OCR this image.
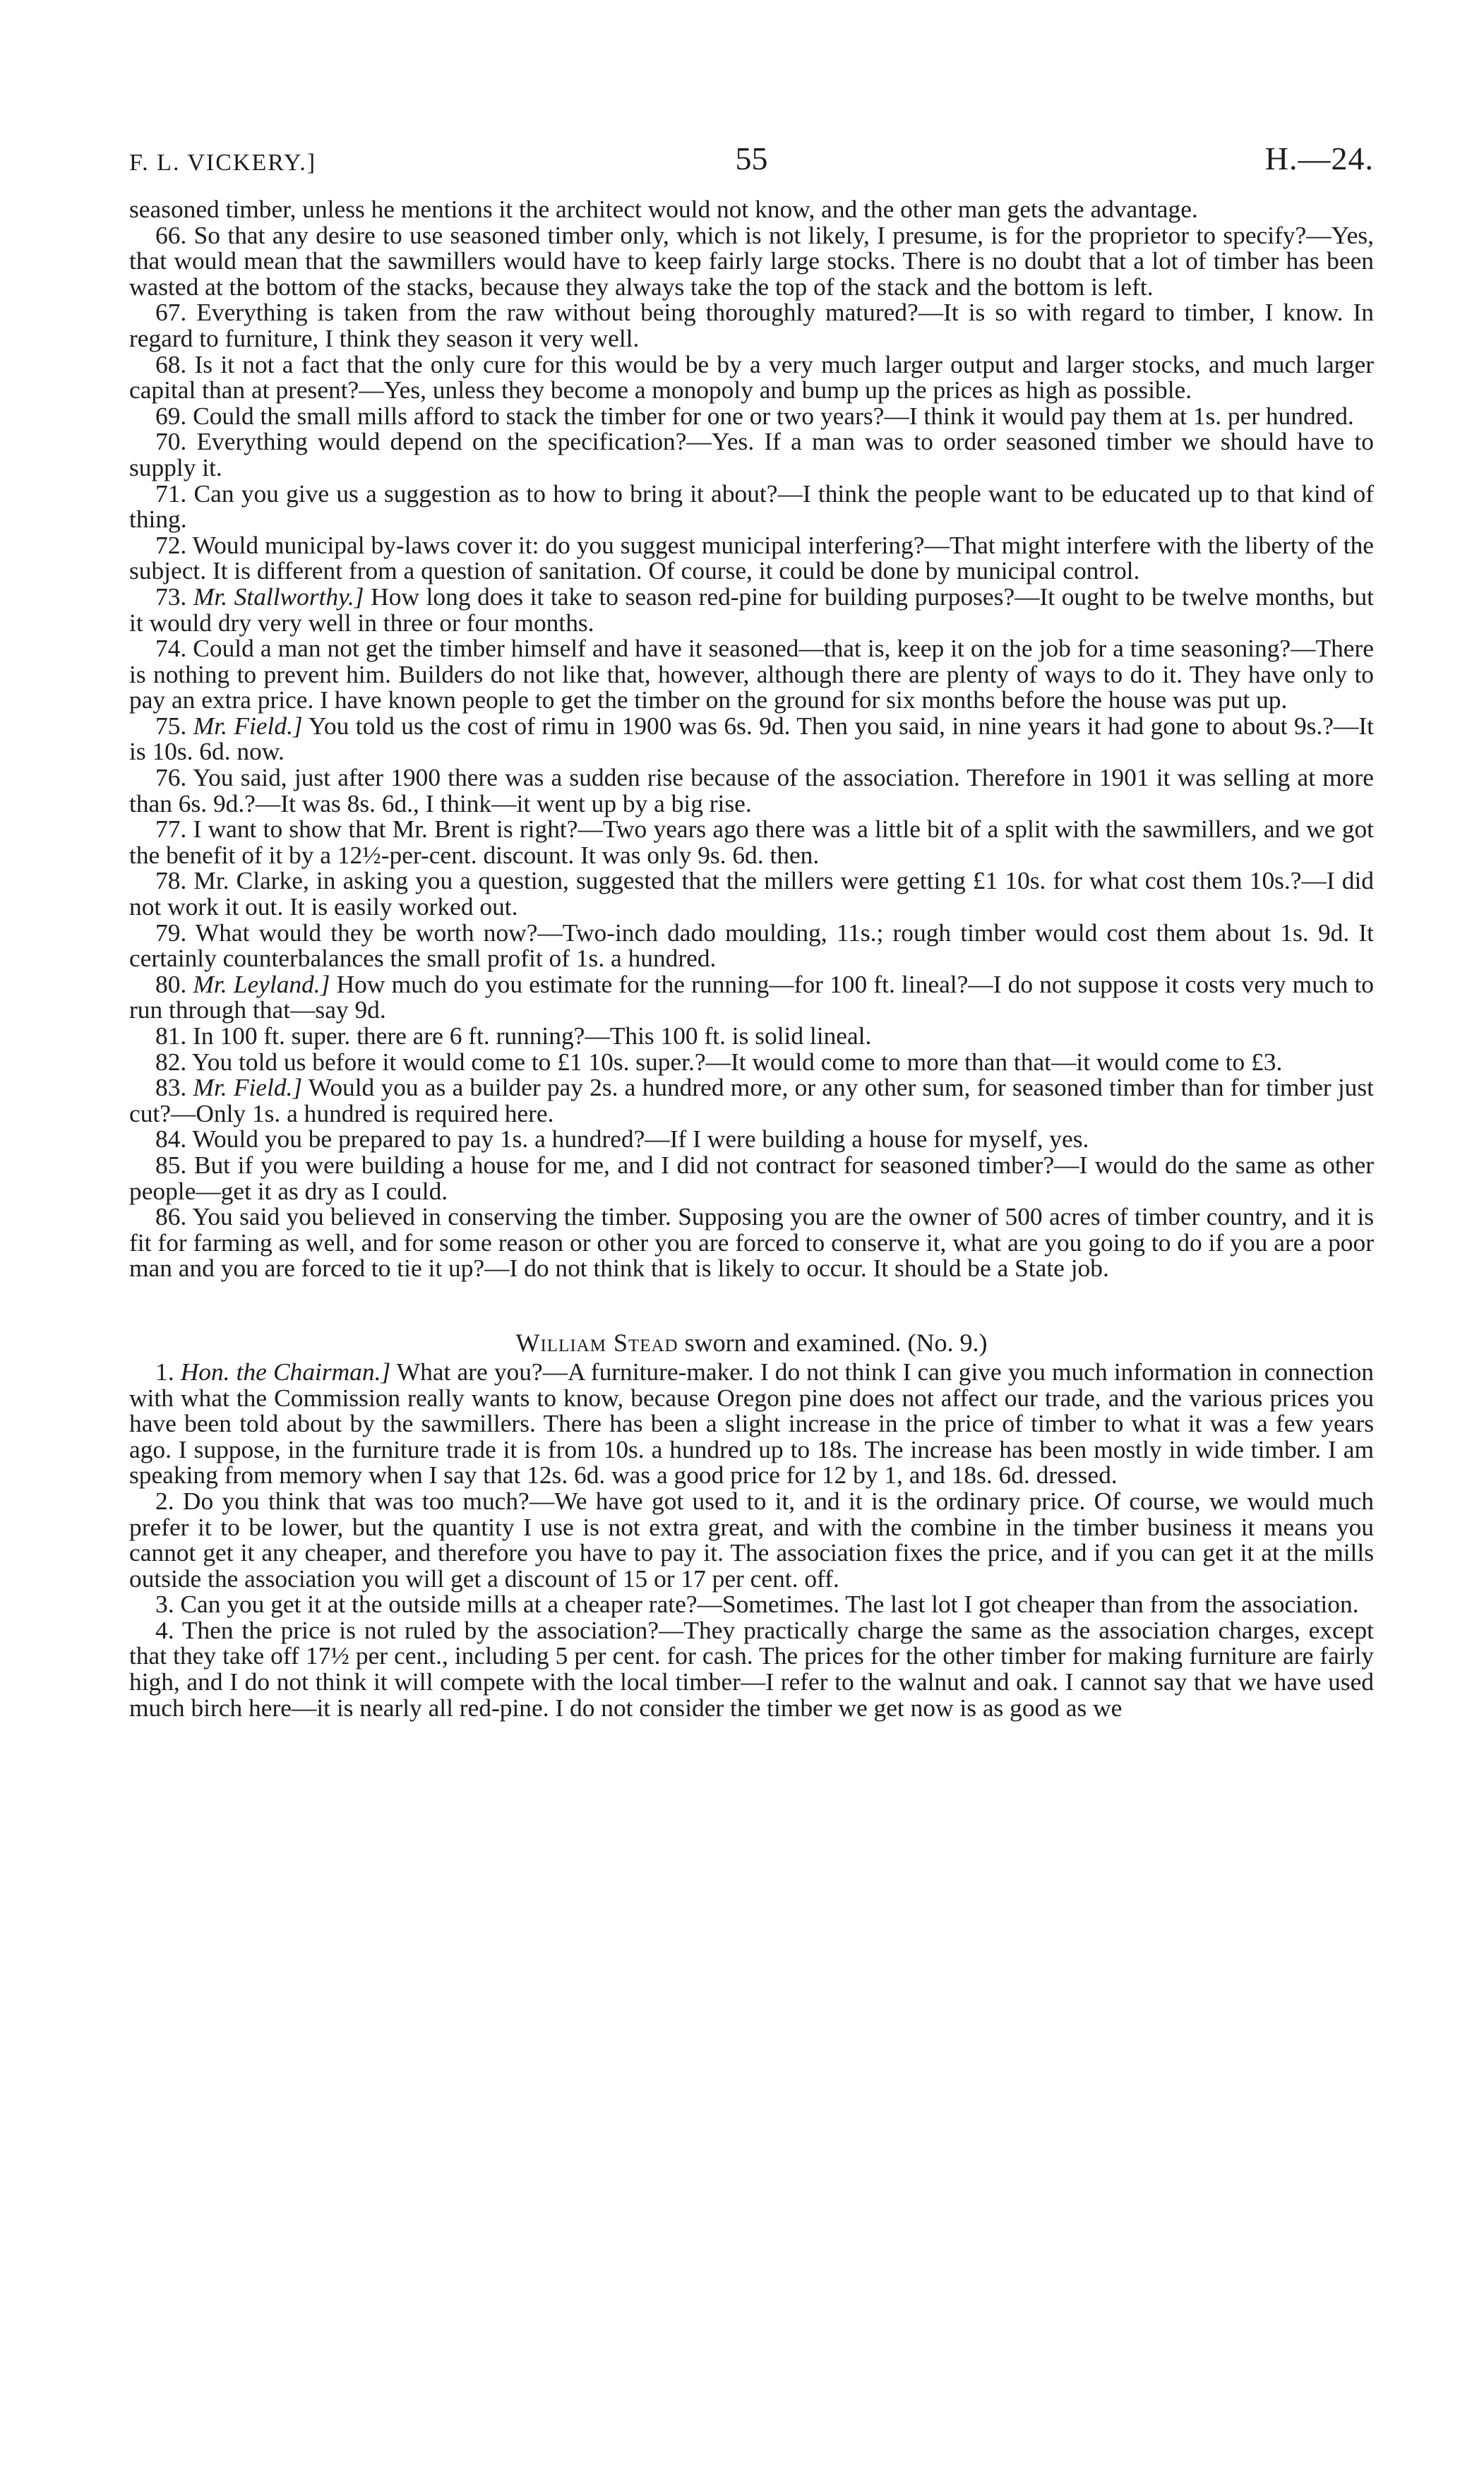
F. L. VICKERY.]	55	H.—24.

seasoned timber, unless he mentions it the architect would not know, and the other man gets the advantage.

66. So that any desire to use seasoned timber only, which is not likely, I presume, is for the proprietor to specify?—Yes, that would mean that the sawmillers would have to keep fairly large stocks. There is no doubt that a lot of timber has been wasted at the bottom of the stacks, because they always take the top of the stack and the bottom is left.

67. Everything is taken from the raw without being thoroughly matured?—It is so with regard to timber, I know. In regard to furniture, I think they season it very well.

68. Is it not a fact that the only cure for this would be by a very much larger output and larger stocks, and much larger capital than at present?—Yes, unless they become a monopoly and bump up the prices as high as possible.

69. Could the small mills afford to stack the timber for one or two years?—I think it would pay them at 1s. per hundred.

70. Everything would depend on the specification?—Yes. If a man was to order seasoned timber we should have to supply it.

71. Can you give us a suggestion as to how to bring it about?—I think the people want to be educated up to that kind of thing.

72. Would municipal by-laws cover it: do you suggest municipal interfering?—That might interfere with the liberty of the subject. It is different from a question of sanitation. Of course, it could be done by municipal control.

73. Mr. Stallworthy.] How long does it take to season red-pine for building purposes?—It ought to be twelve months, but it would dry very well in three or four months.

74. Could a man not get the timber himself and have it seasoned—that is, keep it on the job for a time seasoning?—There is nothing to prevent him. Builders do not like that, however, although there are plenty of ways to do it. They have only to pay an extra price. I have known people to get the timber on the ground for six months before the house was put up.

75. Mr. Field.] You told us the cost of rimu in 1900 was 6s. 9d. Then you said, in nine years it had gone to about 9s.?—It is 10s. 6d. now.

76. You said, just after 1900 there was a sudden rise because of the association. Therefore in 1901 it was selling at more than 6s. 9d.?—It was 8s. 6d., I think—it went up by a big rise.

77. I want to show that Mr. Brent is right?—Two years ago there was a little bit of a split with the sawmillers, and we got the benefit of it by a 12½-per-cent. discount. It was only 9s. 6d. then.

78. Mr. Clarke, in asking you a question, suggested that the millers were getting £1 10s. for what cost them 10s.?—I did not work it out. It is easily worked out.

79. What would they be worth now?—Two-inch dado moulding, 11s.; rough timber would cost them about 1s. 9d. It certainly counterbalances the small profit of 1s. a hundred.

80. Mr. Leyland.] How much do you estimate for the running—for 100 ft. lineal?—I do not suppose it costs very much to run through that—say 9d.

81. In 100 ft. super. there are 6 ft. running?—This 100 ft. is solid lineal.

82. You told us before it would come to £1 10s. super.?—It would come to more than that—it would come to £3.

83. Mr. Field.] Would you as a builder pay 2s. a hundred more, or any other sum, for seasoned timber than for timber just cut?—Only 1s. a hundred is required here.

84. Would you be prepared to pay 1s. a hundred?—If I were building a house for myself, yes.

85. But if you were building a house for me, and I did not contract for seasoned timber?—I would do the same as other people—get it as dry as I could.

86. You said you believed in conserving the timber. Supposing you are the owner of 500 acres of timber country, and it is fit for farming as well, and for some reason or other you are forced to conserve it, what are you going to do if you are a poor man and you are forced to tie it up?—I do not think that is likely to occur. It should be a State job.

William Stead sworn and examined. (No. 9.)

1. Hon. the Chairman.] What are you?—A furniture-maker. I do not think I can give you much information in connection with what the Commission really wants to know, because Oregon pine does not affect our trade, and the various prices you have been told about by the sawmillers. There has been a slight increase in the price of timber to what it was a few years ago. I suppose, in the furniture trade it is from 10s. a hundred up to 18s. The increase has been mostly in wide timber. I am speaking from memory when I say that 12s. 6d. was a good price for 12 by 1, and 18s. 6d. dressed.

2. Do you think that was too much?—We have got used to it, and it is the ordinary price. Of course, we would much prefer it to be lower, but the quantity I use is not extra great, and with the combine in the timber business it means you cannot get it any cheaper, and therefore you have to pay it. The association fixes the price, and if you can get it at the mills outside the association you will get a discount of 15 or 17 per cent. off.

3. Can you get it at the outside mills at a cheaper rate?—Sometimes. The last lot I got cheaper than from the association.

4. Then the price is not ruled by the association?—They practically charge the same as the association charges, except that they take off 17½ per cent., including 5 per cent. for cash. The prices for the other timber for making furniture are fairly high, and I do not think it will compete with the local timber—I refer to the walnut and oak. I cannot say that we have used much birch here—it is nearly all red-pine. I do not consider the timber we get now is as good as we
